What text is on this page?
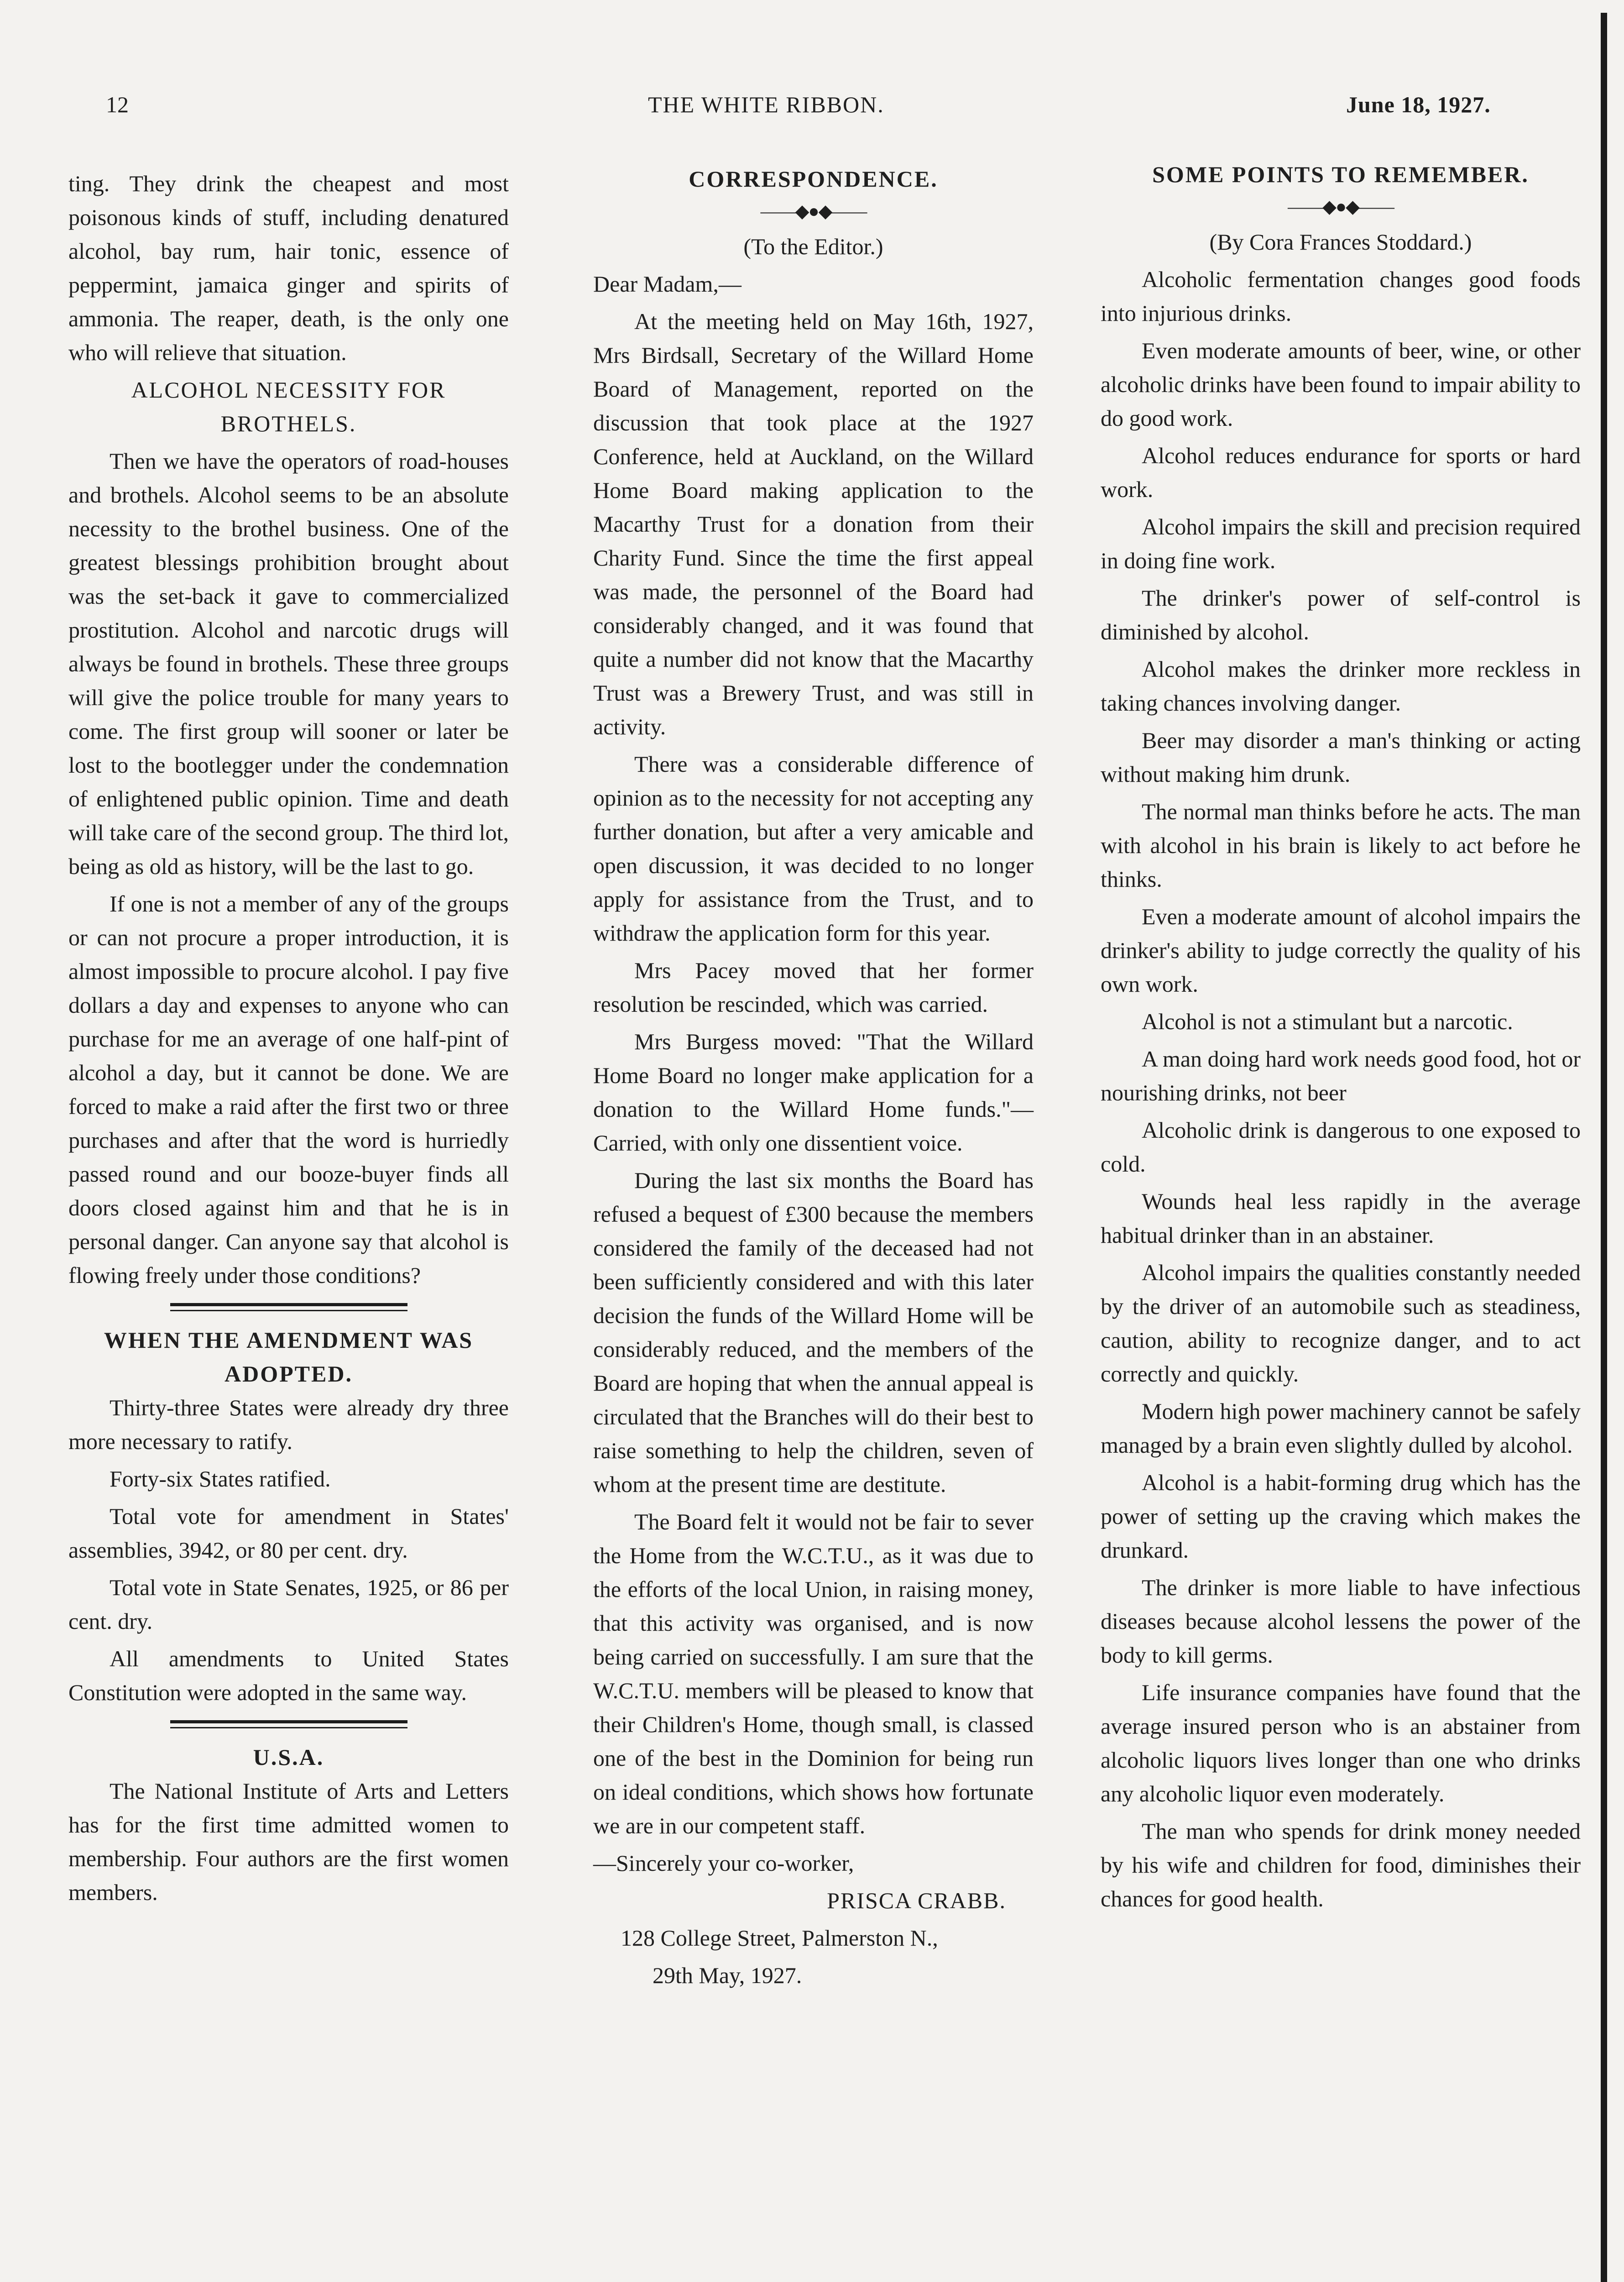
12	THE WHITE RIBBON.	June 18, 1927.

ting. They drink the cheapest and most poisonous kinds of stuff, including denatured alcohol, bay rum, hair tonic, essence of peppermint, jamaica ginger and spirits of ammonia. The reaper, death, is the only one who will relieve that situation.

ALCOHOL NECESSITY FOR BROTHELS.

Then we have the operators of road-houses and brothels. Alcohol seems to be an absolute necessity to the brothel business. One of the greatest blessings prohibition brought about was the set-back it gave to commercialized prostitution. Alcohol and narcotic drugs will always be found in brothels. These three groups will give the police trouble for many years to come. The first group will sooner or later be lost to the bootlegger under the condemnation of enlightened public opinion. Time and death will take care of the second group. The third lot, being as old as history, will be the last to go.

If one is not a member of any of the groups or can not procure a proper introduction, it is almost impossible to procure alcohol. I pay five dollars a day and expenses to anyone who can purchase for me an average of one half-pint of alcohol a day, but it cannot be done. We are forced to make a raid after the first two or three purchases and after that the word is hurriedly passed round and our booze-buyer finds all doors closed against him and that he is in personal danger. Can anyone say that alcohol is flowing freely under those conditions?

WHEN THE AMENDMENT WAS ADOPTED.

Thirty-three States were already dry three more necessary to ratify.

Forty-six States ratified.

Total vote for amendment in States' assemblies, 3942, or 80 per cent. dry.

Total vote in State Senates, 1925, or 86 per cent. dry.

All amendments to United States Constitution were adopted in the same way.

U.S.A.

The National Institute of Arts and Letters has for the first time admitted women to membership. Four authors are the first women members.

CORRESPONDENCE.

——◆●◆——

(To the Editor.)

Dear Madam,—

At the meeting held on May 16th, 1927, Mrs Birdsall, Secretary of the Willard Home Board of Management, reported on the discussion that took place at the 1927 Conference, held at Auckland, on the Willard Home Board making application to the Macarthy Trust for a donation from their Charity Fund. Since the time the first appeal was made, the personnel of the Board had considerably changed, and it was found that quite a number did not know that the Macarthy Trust was a Brewery Trust, and was still in activity.

There was a considerable difference of opinion as to the necessity for not accepting any further donation, but after a very amicable and open discussion, it was decided to no longer apply for assistance from the Trust, and to withdraw the application form for this year.

Mrs Pacey moved that her former resolution be rescinded, which was carried.

Mrs Burgess moved: "That the Willard Home Board no longer make application for a donation to the Willard Home funds."—Carried, with only one dissentient voice.

During the last six months the Board has refused a bequest of £300 because the members considered the family of the deceased had not been sufficiently considered and with this later decision the funds of the Willard Home will be considerably reduced, and the members of the Board are hoping that when the annual appeal is circulated that the Branches will do their best to raise something to help the children, seven of whom at the present time are destitute.

The Board felt it would not be fair to sever the Home from the W.C.T.U., as it was due to the efforts of the local Union, in raising money, that this activity was organised, and is now being carried on successfully. I am sure that the W.C.T.U. members will be pleased to know that their Children's Home, though small, is classed one of the best in the Dominion for being run on ideal conditions, which shows how fortunate we are in our competent staff.

—Sincerely your co-worker,

PRISCA CRABB.

128 College Street, Palmerston N.,

29th May, 1927.

SOME POINTS TO REMEMBER.

——◆●◆——

(By Cora Frances Stoddard.)

Alcoholic fermentation changes good foods into injurious drinks.

Even moderate amounts of beer, wine, or other alcoholic drinks have been found to impair ability to do good work.

Alcohol reduces endurance for sports or hard work.

Alcohol impairs the skill and precision required in doing fine work.

The drinker's power of self-control is diminished by alcohol.

Alcohol makes the drinker more reckless in taking chances involving danger.

Beer may disorder a man's thinking or acting without making him drunk.

The normal man thinks before he acts. The man with alcohol in his brain is likely to act before he thinks.

Even a moderate amount of alcohol impairs the drinker's ability to judge correctly the quality of his own work.

Alcohol is not a stimulant but a narcotic.

A man doing hard work needs good food, hot or nourishing drinks, not beer

Alcoholic drink is dangerous to one exposed to cold.

Wounds heal less rapidly in the average habitual drinker than in an abstainer.

Alcohol impairs the qualities constantly needed by the driver of an automobile such as steadiness, caution, ability to recognize danger, and to act correctly and quickly.

Modern high power machinery cannot be safely managed by a brain even slightly dulled by alcohol.

Alcohol is a habit-forming drug which has the power of setting up the craving which makes the drunkard.

The drinker is more liable to have infectious diseases because alcohol lessens the power of the body to kill germs.

Life insurance companies have found that the average insured person who is an abstainer from alcoholic liquors lives longer than one who drinks any alcoholic liquor even moderately.

The man who spends for drink money needed by his wife and children for food, diminishes their chances for good health.
